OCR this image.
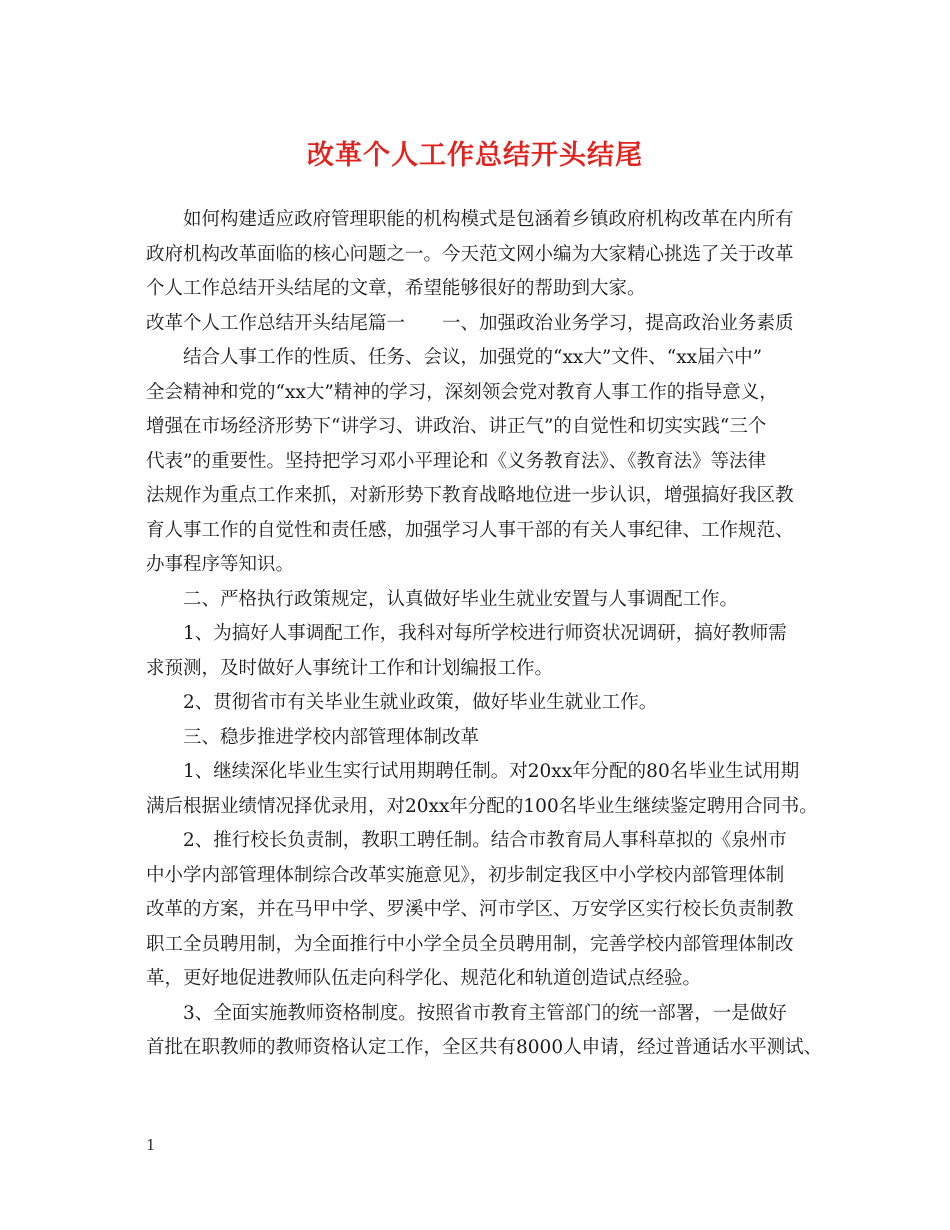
改革个人工作总结开头结尾
如何构建适应政府管理职能的机构模式是包涵着乡镇政府机构改革在内所有
政府机构改革面临的核心问题之一。今天范文网小编为大家精心挑选了关于改革
个人工作总结开头结尾的文章，希望能够很好的帮助到大家。
改革个人工作总结开头结尾篇一　　一、加强政治业务学习，提高政治业务素质
结合人事工作的性质、任务、会议，加强党的“xx大”文件、“xx届六中”
全会精神和党的“xx大”精神的学习，深刻领会党对教育人事工作的指导意义，
增强在市场经济形势下“讲学习、讲政治、讲正气”的自觉性和切实实践“三个
代表”的重要性。坚持把学习邓小平理论和《义务教育法》、《教育法》等法律
法规作为重点工作来抓，对新形势下教育战略地位进一步认识，增强搞好我区教
育人事工作的自觉性和责任感，加强学习人事干部的有关人事纪律、工作规范、
办事程序等知识。
二、严格执行政策规定，认真做好毕业生就业安置与人事调配工作。
1、为搞好人事调配工作，我科对每所学校进行师资状况调研，搞好教师需
求预测，及时做好人事统计工作和计划编报工作。
2、贯彻省市有关毕业生就业政策，做好毕业生就业工作。
三、稳步推进学校内部管理体制改革
1、继续深化毕业生实行试用期聘任制。对20xx年分配的80名毕业生试用期
满后根据业绩情况择优录用，对20xx年分配的100名毕业生继续鉴定聘用合同书。
2、推行校长负责制，教职工聘任制。结合市教育局人事科草拟的《泉州市
中小学内部管理体制综合改革实施意见》，初步制定我区中小学校内部管理体制
改革的方案，并在马甲中学、罗溪中学、河市学区、万安学区实行校长负责制教
职工全员聘用制，为全面推行中小学全员全员聘用制，完善学校内部管理体制改
革，更好地促进教师队伍走向科学化、规范化和轨道创造试点经验。
3、全面实施教师资格制度。按照省市教育主管部门的统一部署，一是做好
首批在职教师的教师资格认定工作，全区共有8000人申请，经过普通话水平测试、
1
